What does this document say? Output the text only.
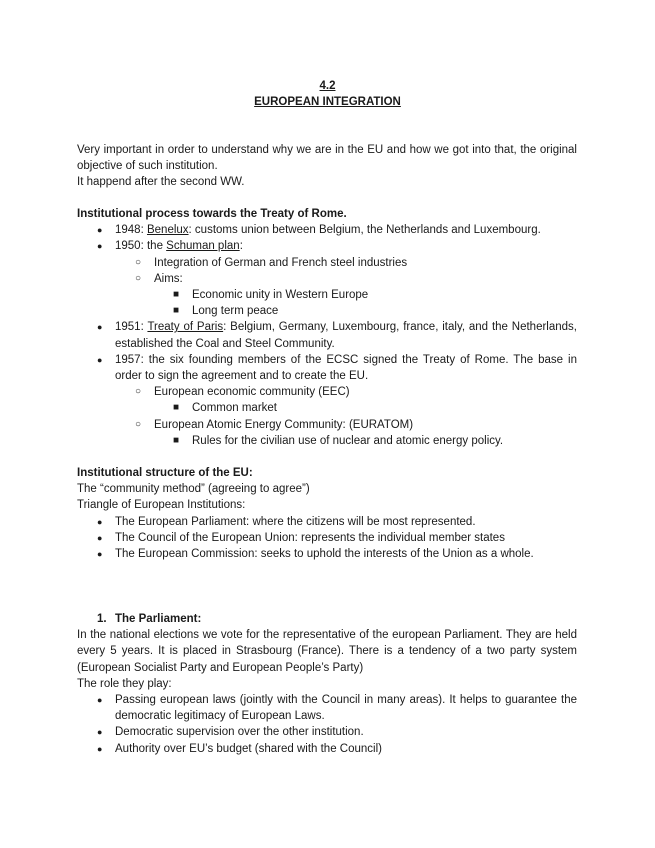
4.2
EUROPEAN INTEGRATION
Very important in order to understand why we are in the EU and how we got into that, the original objective of such institution.
It happend after the second WW.
Institutional process towards the Treaty of Rome.
● 1948: Benelux: customs union between Belgium, the Netherlands and Luxembourg.
● 1950: the Schuman plan:
○ Integration of German and French steel industries
○ Aims:
■ Economic unity in Western Europe
■ Long term peace
● 1951: Treaty of Paris: Belgium, Germany, Luxembourg, france, italy, and the Netherlands, established the Coal and Steel Community.
● 1957: the six founding members of the ECSC signed the Treaty of Rome. The base in order to sign the agreement and to create the EU.
○ European economic community (EEC)
■ Common market
○ European Atomic Energy Community: (EURATOM)
■ Rules for the civilian use of nuclear and atomic energy policy.
Institutional structure of the EU:
The “community method” (agreeing to agree”)
Triangle of European Institutions:
● The European Parliament: where the citizens will be most represented.
● The Council of the European Union: represents the individual member states
● The European Commission: seeks to uphold the interests of the Union as a whole.
1. The Parliament:
In the national elections we vote for the representative of the european Parliament. They are held every 5 years. It is placed in Strasbourg (France). There is a tendency of a two party system (European Socialist Party and European People’s Party)
The role they play:
● Passing european laws (jointly with the Council in many areas). It helps to guarantee the democratic legitimacy of European Laws.
● Democratic supervision over the other institution.
● Authority over EU’s budget (shared with the Council)
